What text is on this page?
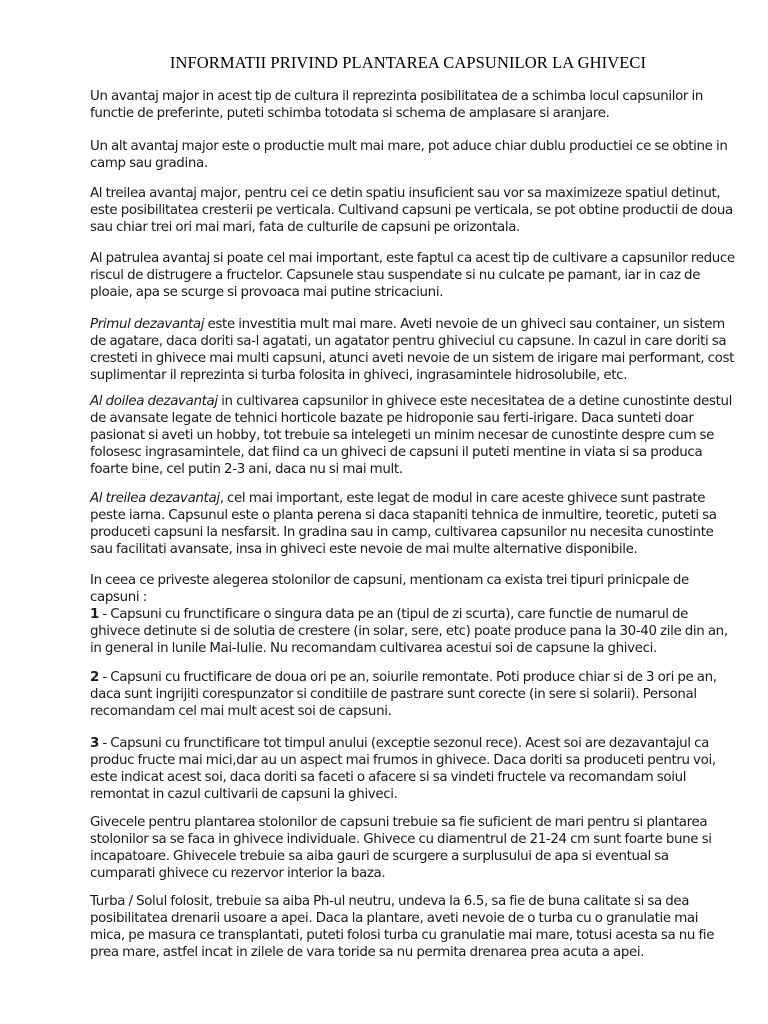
INFORMATII PRIVIND PLANTAREA CAPSUNILOR LA GHIVECI

Un avantaj major in acest tip de cultura il reprezinta posibilitatea de a schimba locul capsunilor in functie de preferinte, puteti schimba totodata si schema de amplasare si aranjare.

Un alt avantaj major este o productie mult mai mare, pot aduce chiar dublu productiei ce se obtine in camp sau gradina.

Al treilea avantaj major, pentru cei ce detin spatiu insuficient sau vor sa maximizeze spatiul detinut, este posibilitatea cresterii pe verticala. Cultivand capsuni pe verticala, se pot obtine productii de doua sau chiar trei ori mai mari, fata de culturile de capsuni pe orizontala.

Al patrulea avantaj si poate cel mai important, este faptul ca acest tip de cultivare a capsunilor reduce riscul de distrugere a fructelor. Capsunele stau suspendate si nu culcate pe pamant, iar in caz de ploaie, apa se scurge si provoaca mai putine stricaciuni.

Primul dezavantaj este investitia mult mai mare. Aveti nevoie de un ghiveci sau container, un sistem de agatare, daca doriti sa-l agatati, un agatator pentru ghiveciul cu capsune. In cazul in care doriti sa cresteti in ghivece mai multi capsuni, atunci aveti nevoie de un sistem de irigare mai performant, cost suplimentar il reprezinta si turba folosita in ghiveci, ingrasamintele hidrosolubile, etc.

Al doilea dezavantaj in cultivarea capsunilor in ghivece este necesitatea de a detine cunostinte destul de avansate legate de tehnici horticole bazate pe hidroponie sau ferti-irigare. Daca sunteti doar pasionat si aveti un hobby, tot trebuie sa intelegeti un minim necesar de cunostinte despre cum se folosesc ingrasamintele, dat fiind ca un ghiveci de capsuni il puteti mentine in viata si sa produca foarte bine, cel putin 2-3 ani, daca nu si mai mult.

Al treilea dezavantaj, cel mai important, este legat de modul in care aceste ghivece sunt pastrate peste iarna. Capsunul este o planta perena si daca stapaniti tehnica de inmultire, teoretic, puteti sa produceti capsuni la nesfarsit. In gradina sau in camp, cultivarea capsunilor nu necesita cunostinte sau facilitati avansate, insa in ghiveci este nevoie de mai multe alternative disponibile.

In ceea ce priveste alegerea stolonilor de capsuni, mentionam ca exista trei tipuri prinicpale de capsuni :

1 - Capsuni cu frunctificare o singura data pe an (tipul de zi scurta), care functie de numarul de ghivece detinute si de solutia de crestere (in solar, sere, etc) poate produce pana la 30-40 zile din an, in general in lunile Mai-Iulie. Nu recomandam cultivarea acestui soi de capsune la ghiveci.

2 - Capsuni cu fructificare de doua ori pe an, soiurile remontate. Poti produce chiar si de 3 ori pe an, daca sunt ingrijiti corespunzator si conditiile de pastrare sunt corecte (in sere si solarii). Personal recomandam cel mai mult acest soi de capsuni.

3 - Capsuni cu frunctificare tot timpul anului (exceptie sezonul rece). Acest soi are dezavantajul ca produc fructe mai mici,dar au un aspect mai frumos in ghivece. Daca doriti sa produceti pentru voi, este indicat acest soi, daca doriti sa faceti o afacere si sa vindeti fructele va recomandam soiul remontat in cazul cultivarii de capsuni la ghiveci.

Givecele pentru plantarea stolonilor de capsuni trebuie sa fie suficient de mari pentru si plantarea stolonilor sa se faca in ghivece individuale. Ghivece cu diamentrul de 21-24 cm sunt foarte bune si incapatoare. Ghivecele trebuie sa aiba gauri de scurgere a surplusului de apa si eventual sa cumparati ghivece cu rezervor interior la baza.

Turba / Solul folosit, trebuie sa aiba Ph-ul neutru, undeva la 6.5, sa fie de buna calitate si sa dea posibilitatea drenarii usoare a apei. Daca la plantare, aveti nevoie de o turba cu o granulatie mai mica, pe masura ce transplantati, puteti folosi turba cu granulatie mai mare, totusi acesta sa nu fie prea mare, astfel incat in zilele de vara toride sa nu permita drenarea prea acuta a apei.
